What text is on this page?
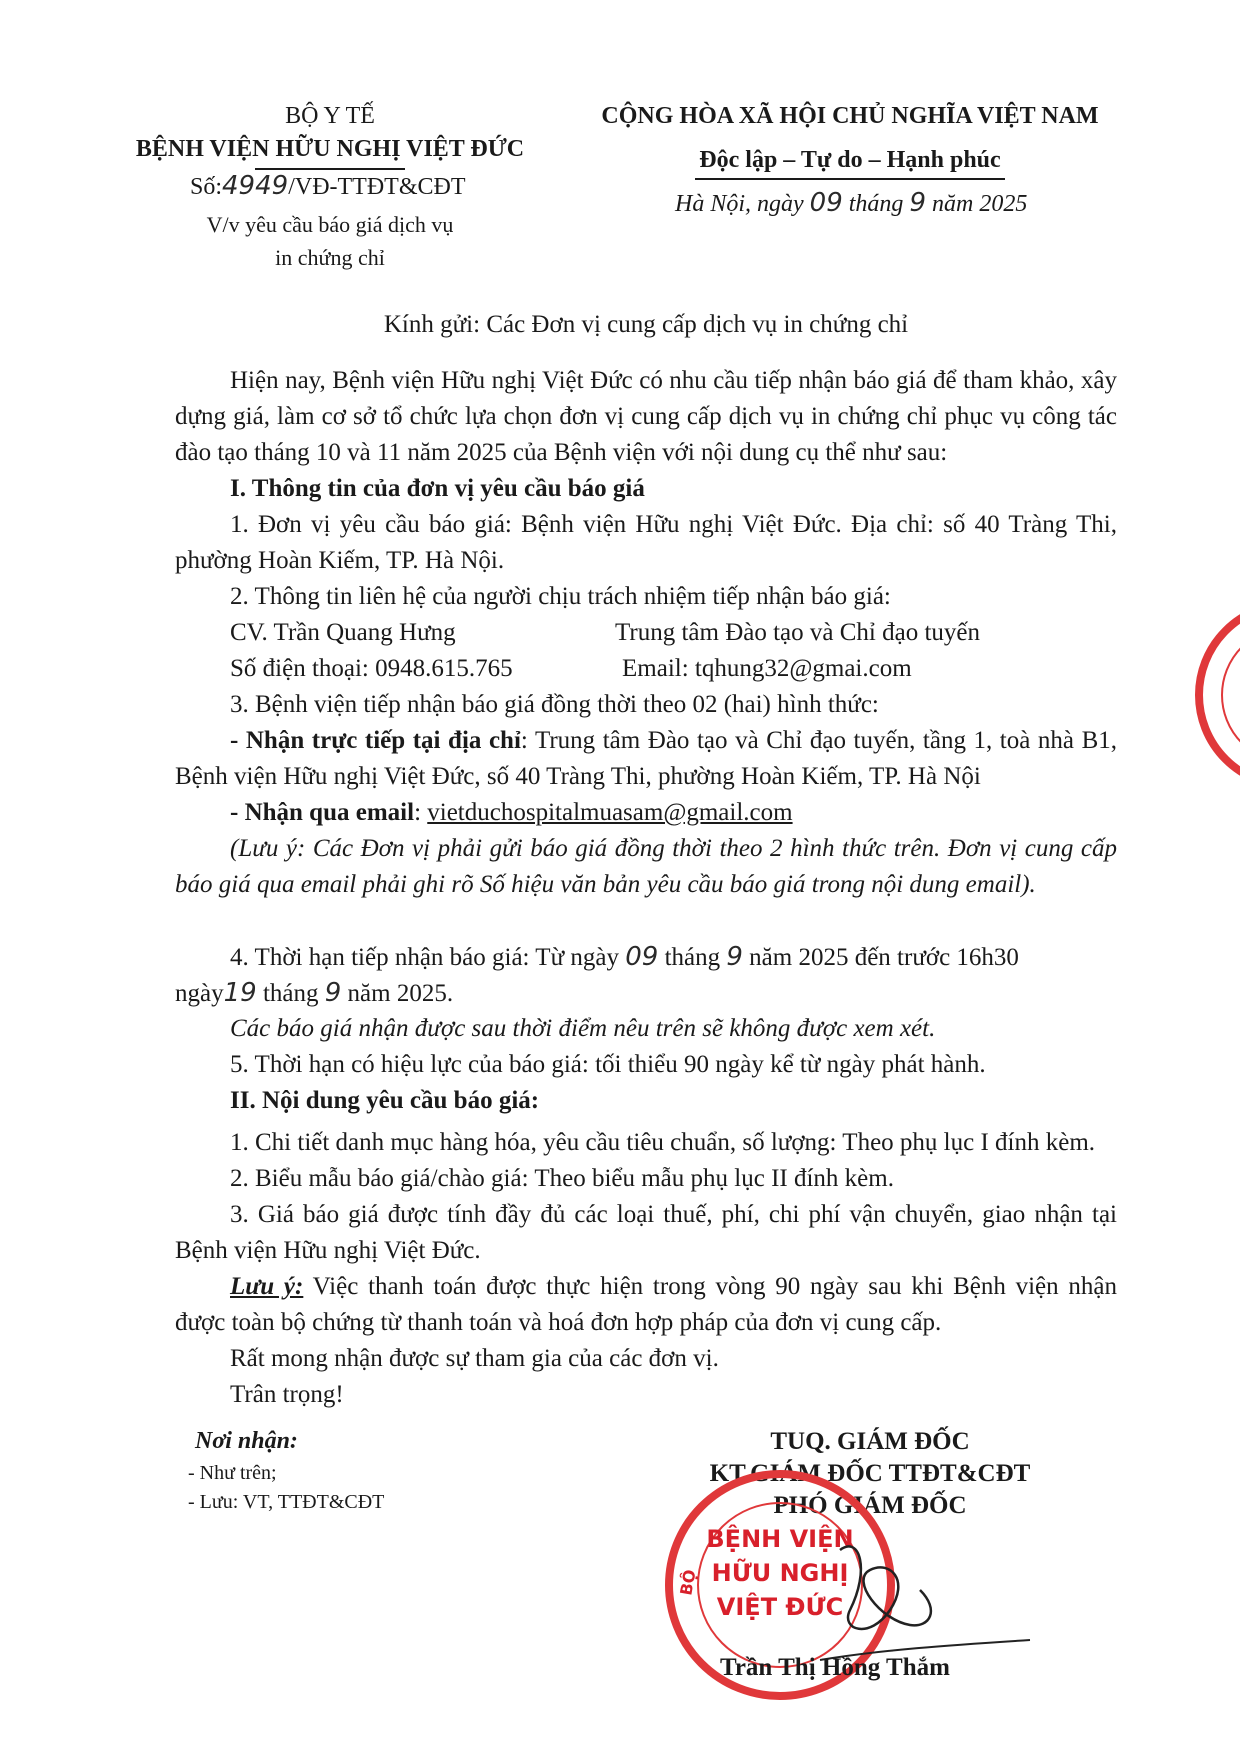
BỘ Y TẾ
BỆNH VIỆN HỮU NGHỊ VIỆT ĐỨC
Số:4949/VĐ-TTĐT&CĐT
V/v yêu cầu báo giá dịch vụ
in chứng chỉ
CỘNG HÒA XÃ HỘI CHỦ NGHĨA VIỆT NAM
Độc lập – Tự do – Hạnh phúc
Hà Nội, ngày 09 tháng 9 năm 2025
Kính gửi: Các Đơn vị cung cấp dịch vụ in chứng chỉ
Hiện nay, Bệnh viện Hữu nghị Việt Đức có nhu cầu tiếp nhận báo giá để tham khảo, xây dựng giá, làm cơ sở tổ chức lựa chọn đơn vị cung cấp dịch vụ in chứng chỉ phục vụ công tác đào tạo tháng 10 và 11 năm 2025 của Bệnh viện với nội dung cụ thể như sau:
I. Thông tin của đơn vị yêu cầu báo giá
1. Đơn vị yêu cầu báo giá: Bệnh viện Hữu nghị Việt Đức. Địa chỉ: số 40 Tràng Thi, phường Hoàn Kiếm, TP. Hà Nội.
2. Thông tin liên hệ của người chịu trách nhiệm tiếp nhận báo giá:
CV. Trần Quang Hưng	Trung tâm Đào tạo và Chỉ đạo tuyến
Số điện thoại: 0948.615.765	Email: tqhung32@gmai.com
3. Bệnh viện tiếp nhận báo giá đồng thời theo 02 (hai) hình thức:
- Nhận trực tiếp tại địa chỉ: Trung tâm Đào tạo và Chỉ đạo tuyến, tầng 1, toà nhà B1, Bệnh viện Hữu nghị Việt Đức, số 40 Tràng Thi, phường Hoàn Kiếm, TP. Hà Nội
- Nhận qua email: vietduchospitalmuasam@gmail.com
(Lưu ý: Các Đơn vị phải gửi báo giá đồng thời theo 2 hình thức trên. Đơn vị cung cấp báo giá qua email phải ghi rõ Số hiệu văn bản yêu cầu báo giá trong nội dung email).
4. Thời hạn tiếp nhận báo giá: Từ ngày 09 tháng 9 năm 2025 đến trước 16h30
ngày19 tháng 9 năm 2025.
Các báo giá nhận được sau thời điểm nêu trên sẽ không được xem xét.
5. Thời hạn có hiệu lực của báo giá: tối thiểu 90 ngày kể từ ngày phát hành.
II. Nội dung yêu cầu báo giá:
1. Chi tiết danh mục hàng hóa, yêu cầu tiêu chuẩn, số lượng: Theo phụ lục I đính kèm.
2. Biểu mẫu báo giá/chào giá: Theo biểu mẫu phụ lục II đính kèm.
3. Giá báo giá được tính đầy đủ các loại thuế, phí, chi phí vận chuyển, giao nhận tại Bệnh viện Hữu nghị Việt Đức.
Lưu ý: Việc thanh toán được thực hiện trong vòng 90 ngày sau khi Bệnh viện nhận được toàn bộ chứng từ thanh toán và hoá đơn hợp pháp của đơn vị cung cấp.
Rất mong nhận được sự tham gia của các đơn vị.
Trân trọng!
Nơi nhận:
- Như trên;
- Lưu: VT, TTĐT&CĐT
TUQ. GIÁM ĐỐC
KT.GIÁM ĐỐC TTĐT&CĐT
PHÓ GIÁM ĐỐC
BỆNH VIỆN
HỮU NGHỊ
VIỆT ĐỨC
BỘ
Trần Thị Hồng Thắm
